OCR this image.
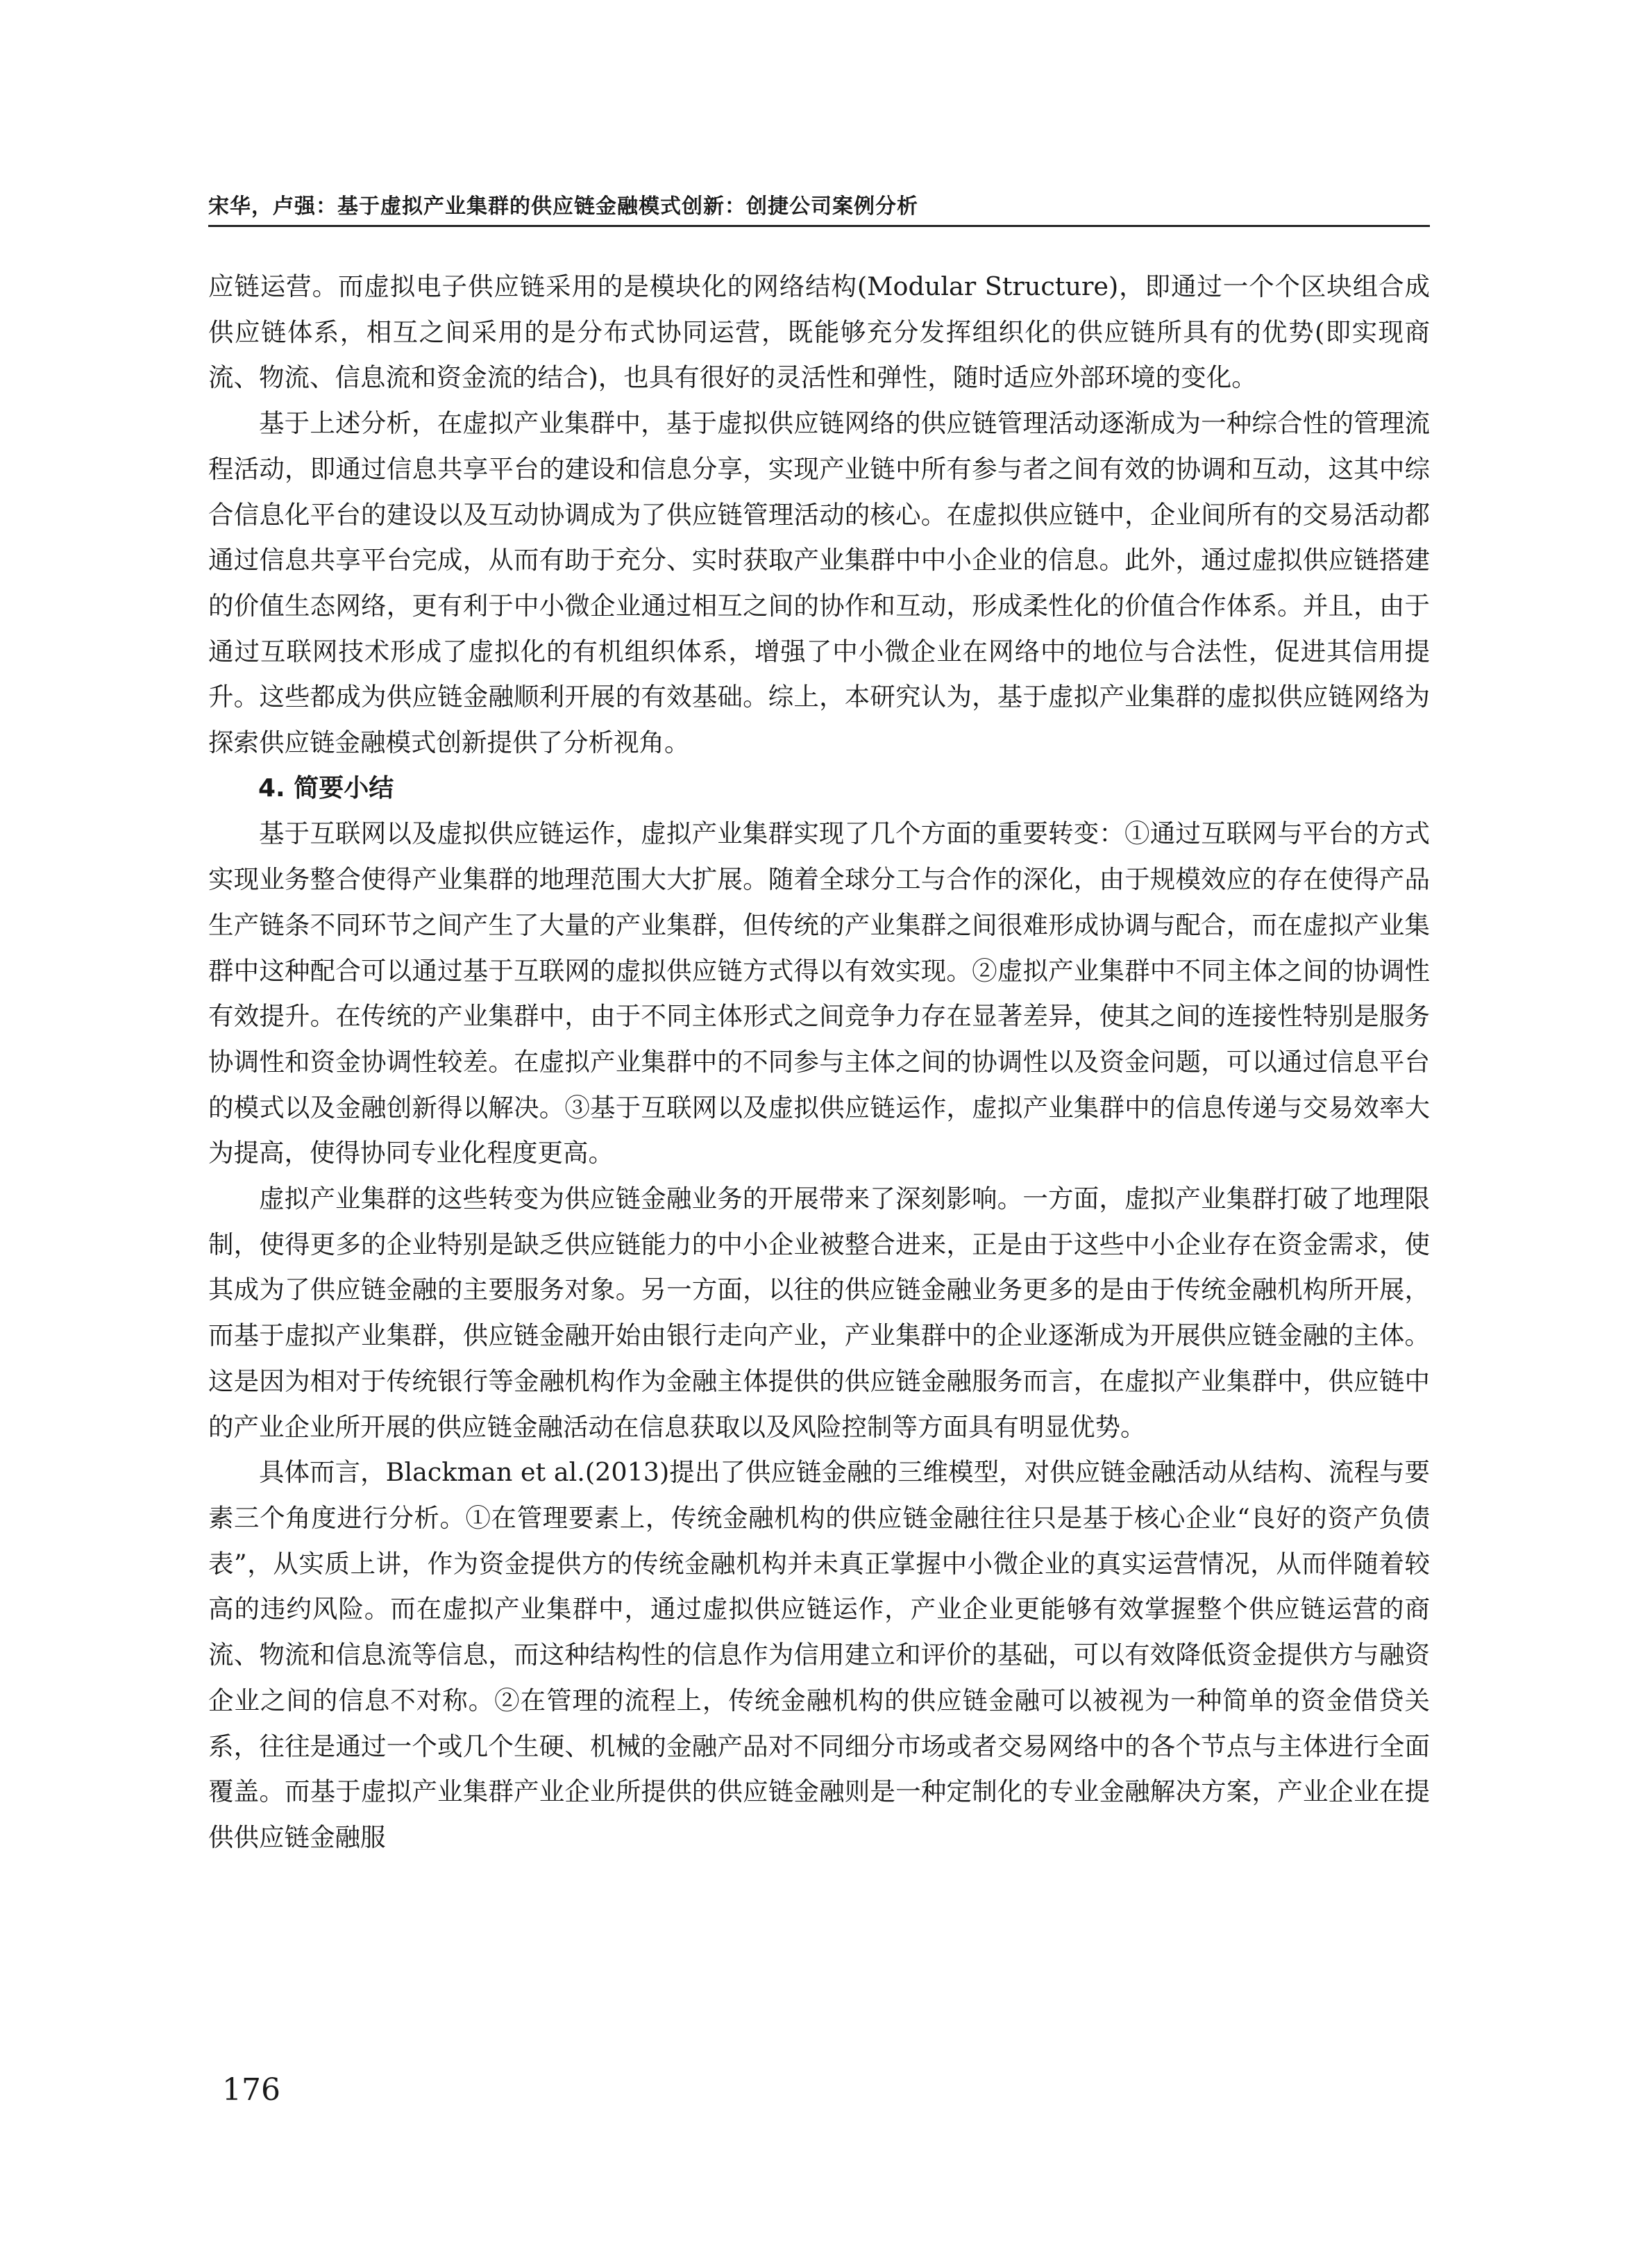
宋华，卢强：基于虚拟产业集群的供应链金融模式创新：创捷公司案例分析

应链运营。而虚拟电子供应链采用的是模块化的网络结构(Modular Structure)，即通过一个个区块组合成供应链体系，相互之间采用的是分布式协同运营，既能够充分发挥组织化的供应链所具有的优势(即实现商流、物流、信息流和资金流的结合)，也具有很好的灵活性和弹性，随时适应外部环境的变化。

基于上述分析，在虚拟产业集群中，基于虚拟供应链网络的供应链管理活动逐渐成为一种综合性的管理流程活动，即通过信息共享平台的建设和信息分享，实现产业链中所有参与者之间有效的协调和互动，这其中综合信息化平台的建设以及互动协调成为了供应链管理活动的核心。在虚拟供应链中，企业间所有的交易活动都通过信息共享平台完成，从而有助于充分、实时获取产业集群中中小企业的信息。此外，通过虚拟供应链搭建的价值生态网络，更有利于中小微企业通过相互之间的协作和互动，形成柔性化的价值合作体系。并且，由于通过互联网技术形成了虚拟化的有机组织体系，增强了中小微企业在网络中的地位与合法性，促进其信用提升。这些都成为供应链金融顺利开展的有效基础。综上，本研究认为，基于虚拟产业集群的虚拟供应链网络为探索供应链金融模式创新提供了分析视角。

4. 简要小结

基于互联网以及虚拟供应链运作，虚拟产业集群实现了几个方面的重要转变：①通过互联网与平台的方式实现业务整合使得产业集群的地理范围大大扩展。随着全球分工与合作的深化，由于规模效应的存在使得产品生产链条不同环节之间产生了大量的产业集群，但传统的产业集群之间很难形成协调与配合，而在虚拟产业集群中这种配合可以通过基于互联网的虚拟供应链方式得以有效实现。②虚拟产业集群中不同主体之间的协调性有效提升。在传统的产业集群中，由于不同主体形式之间竞争力存在显著差异，使其之间的连接性特别是服务协调性和资金协调性较差。在虚拟产业集群中的不同参与主体之间的协调性以及资金问题，可以通过信息平台的模式以及金融创新得以解决。③基于互联网以及虚拟供应链运作，虚拟产业集群中的信息传递与交易效率大为提高，使得协同专业化程度更高。

虚拟产业集群的这些转变为供应链金融业务的开展带来了深刻影响。一方面，虚拟产业集群打破了地理限制，使得更多的企业特别是缺乏供应链能力的中小企业被整合进来，正是由于这些中小企业存在资金需求，使其成为了供应链金融的主要服务对象。另一方面，以往的供应链金融业务更多的是由于传统金融机构所开展，而基于虚拟产业集群，供应链金融开始由银行走向产业，产业集群中的企业逐渐成为开展供应链金融的主体。这是因为相对于传统银行等金融机构作为金融主体提供的供应链金融服务而言，在虚拟产业集群中，供应链中的产业企业所开展的供应链金融活动在信息获取以及风险控制等方面具有明显优势。

具体而言，Blackman et al.(2013)提出了供应链金融的三维模型，对供应链金融活动从结构、流程与要素三个角度进行分析。①在管理要素上，传统金融机构的供应链金融往往只是基于核心企业“良好的资产负债表”，从实质上讲，作为资金提供方的传统金融机构并未真正掌握中小微企业的真实运营情况，从而伴随着较高的违约风险。而在虚拟产业集群中，通过虚拟供应链运作，产业企业更能够有效掌握整个供应链运营的商流、物流和信息流等信息，而这种结构性的信息作为信用建立和评价的基础，可以有效降低资金提供方与融资企业之间的信息不对称。②在管理的流程上，传统金融机构的供应链金融可以被视为一种简单的资金借贷关系，往往是通过一个或几个生硬、机械的金融产品对不同细分市场或者交易网络中的各个节点与主体进行全面覆盖。而基于虚拟产业集群产业企业所提供的供应链金融则是一种定制化的专业金融解决方案，产业企业在提供供应链金融服

176
